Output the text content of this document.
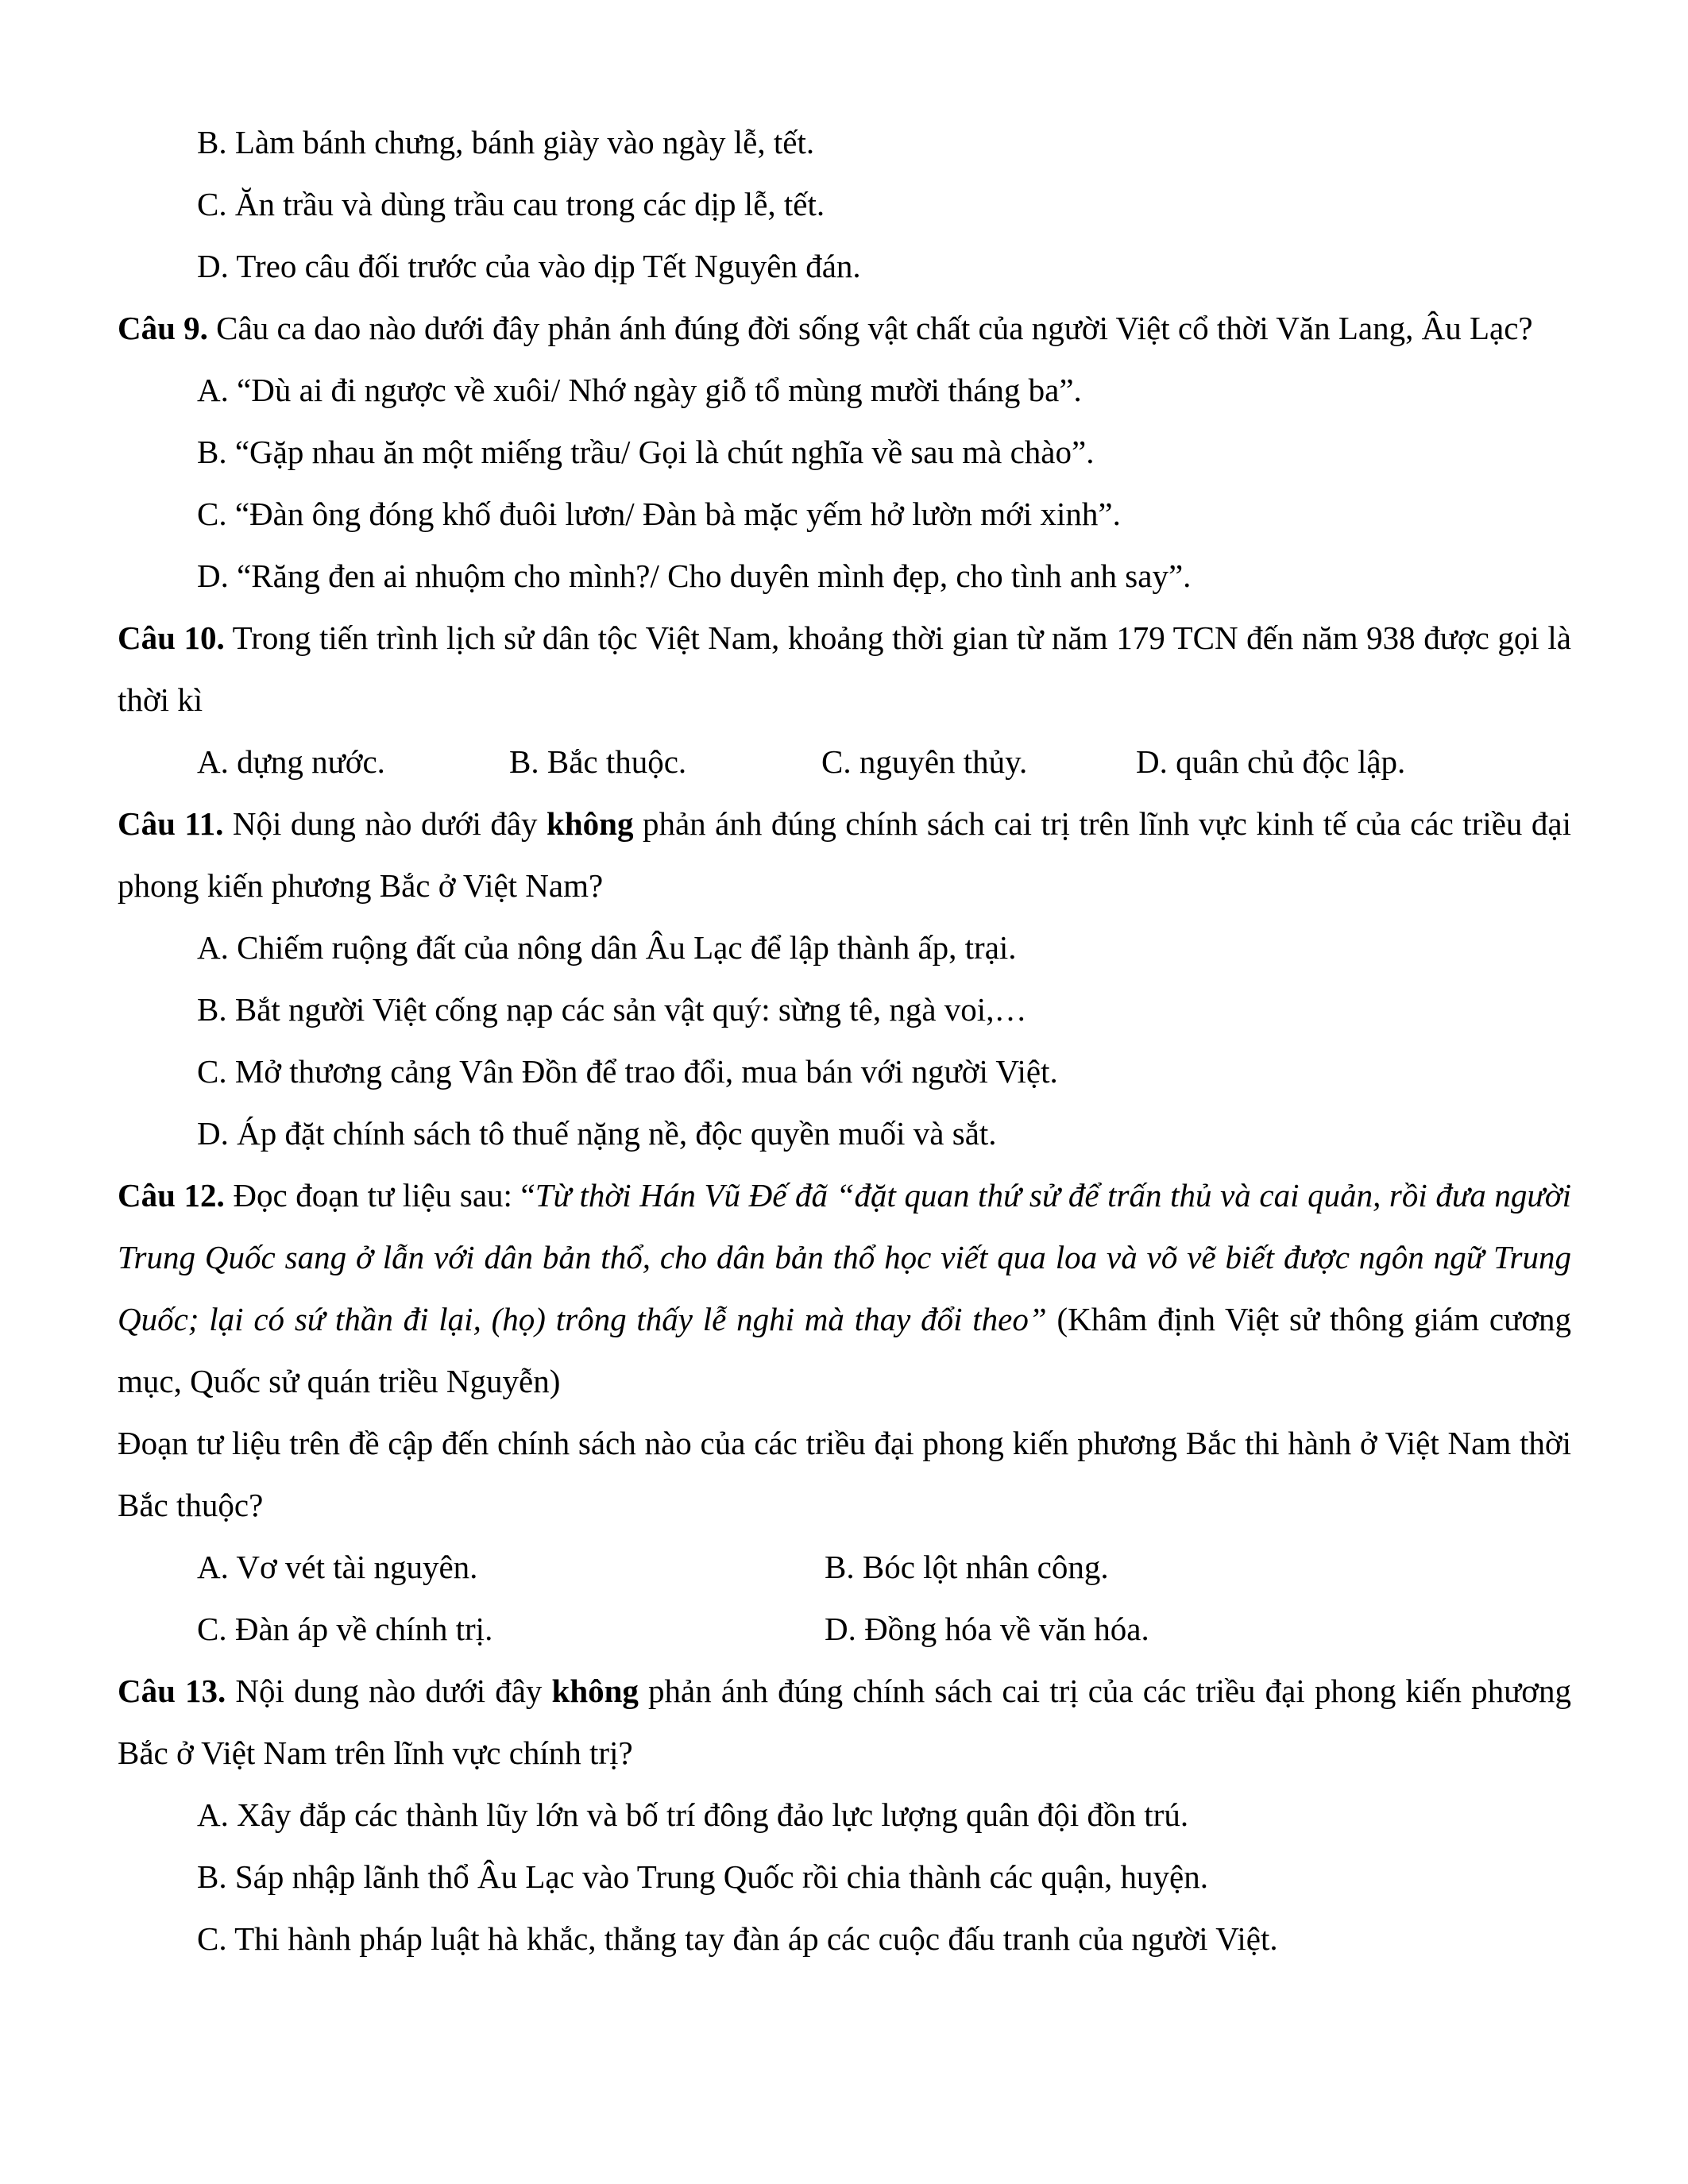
B. Làm bánh chưng, bánh giày vào ngày lễ, tết.

C. Ăn trầu và dùng trầu cau trong các dịp lễ, tết.

D. Treo câu đối trước của vào dịp Tết Nguyên đán.

Câu 9. Câu ca dao nào dưới đây phản ánh đúng đời sống vật chất của người Việt cổ thời Văn Lang, Âu Lạc?

A. “Dù ai đi ngược về xuôi/ Nhớ ngày giỗ tổ mùng mười tháng ba”.

B. “Gặp nhau ăn một miếng trầu/ Gọi là chút nghĩa về sau mà chào”.

C. “Đàn ông đóng khố đuôi lươn/ Đàn bà mặc yếm hở lườn mới xinh”.

D. “Răng đen ai nhuộm cho mình?/ Cho duyên mình đẹp, cho tình anh say”.

Câu 10. Trong tiến trình lịch sử dân tộc Việt Nam, khoảng thời gian từ năm 179 TCN đến năm 938 được gọi là thời kì

A. dựng nước.	B. Bắc thuộc.	C. nguyên thủy.	D. quân chủ độc lập.

Câu 11. Nội dung nào dưới đây không phản ánh đúng chính sách cai trị trên lĩnh vực kinh tế của các triều đại phong kiến phương Bắc ở Việt Nam?

A. Chiếm ruộng đất của nông dân Âu Lạc để lập thành ấp, trại.

B. Bắt người Việt cống nạp các sản vật quý: sừng tê, ngà voi,…

C. Mở thương cảng Vân Đồn để trao đổi, mua bán với người Việt.

D. Áp đặt chính sách tô thuế nặng nề, độc quyền muối và sắt.

Câu 12. Đọc đoạn tư liệu sau: “Từ thời Hán Vũ Đế đã “đặt quan thứ sử để trấn thủ và cai quản, rồi đưa người Trung Quốc sang ở lẫn với dân bản thổ, cho dân bản thổ học viết qua loa và võ vẽ biết được ngôn ngữ Trung Quốc; lại có sứ thần đi lại, (họ) trông thấy lễ nghi mà thay đổi theo” (Khâm định Việt sử thông giám cương mục, Quốc sử quán triều Nguyễn)

Đoạn tư liệu trên đề cập đến chính sách nào của các triều đại phong kiến phương Bắc thi hành ở Việt Nam thời Bắc thuộc?

A. Vơ vét tài nguyên.	B. Bóc lột nhân công.
C. Đàn áp về chính trị.	D. Đồng hóa về văn hóa.

Câu 13. Nội dung nào dưới đây không phản ánh đúng chính sách cai trị của các triều đại phong kiến phương Bắc ở Việt Nam trên lĩnh vực chính trị?

A. Xây đắp các thành lũy lớn và bố trí đông đảo lực lượng quân đội đồn trú.

B. Sáp nhập lãnh thổ Âu Lạc vào Trung Quốc rồi chia thành các quận, huyện.

C. Thi hành pháp luật hà khắc, thẳng tay đàn áp các cuộc đấu tranh của người Việt.
